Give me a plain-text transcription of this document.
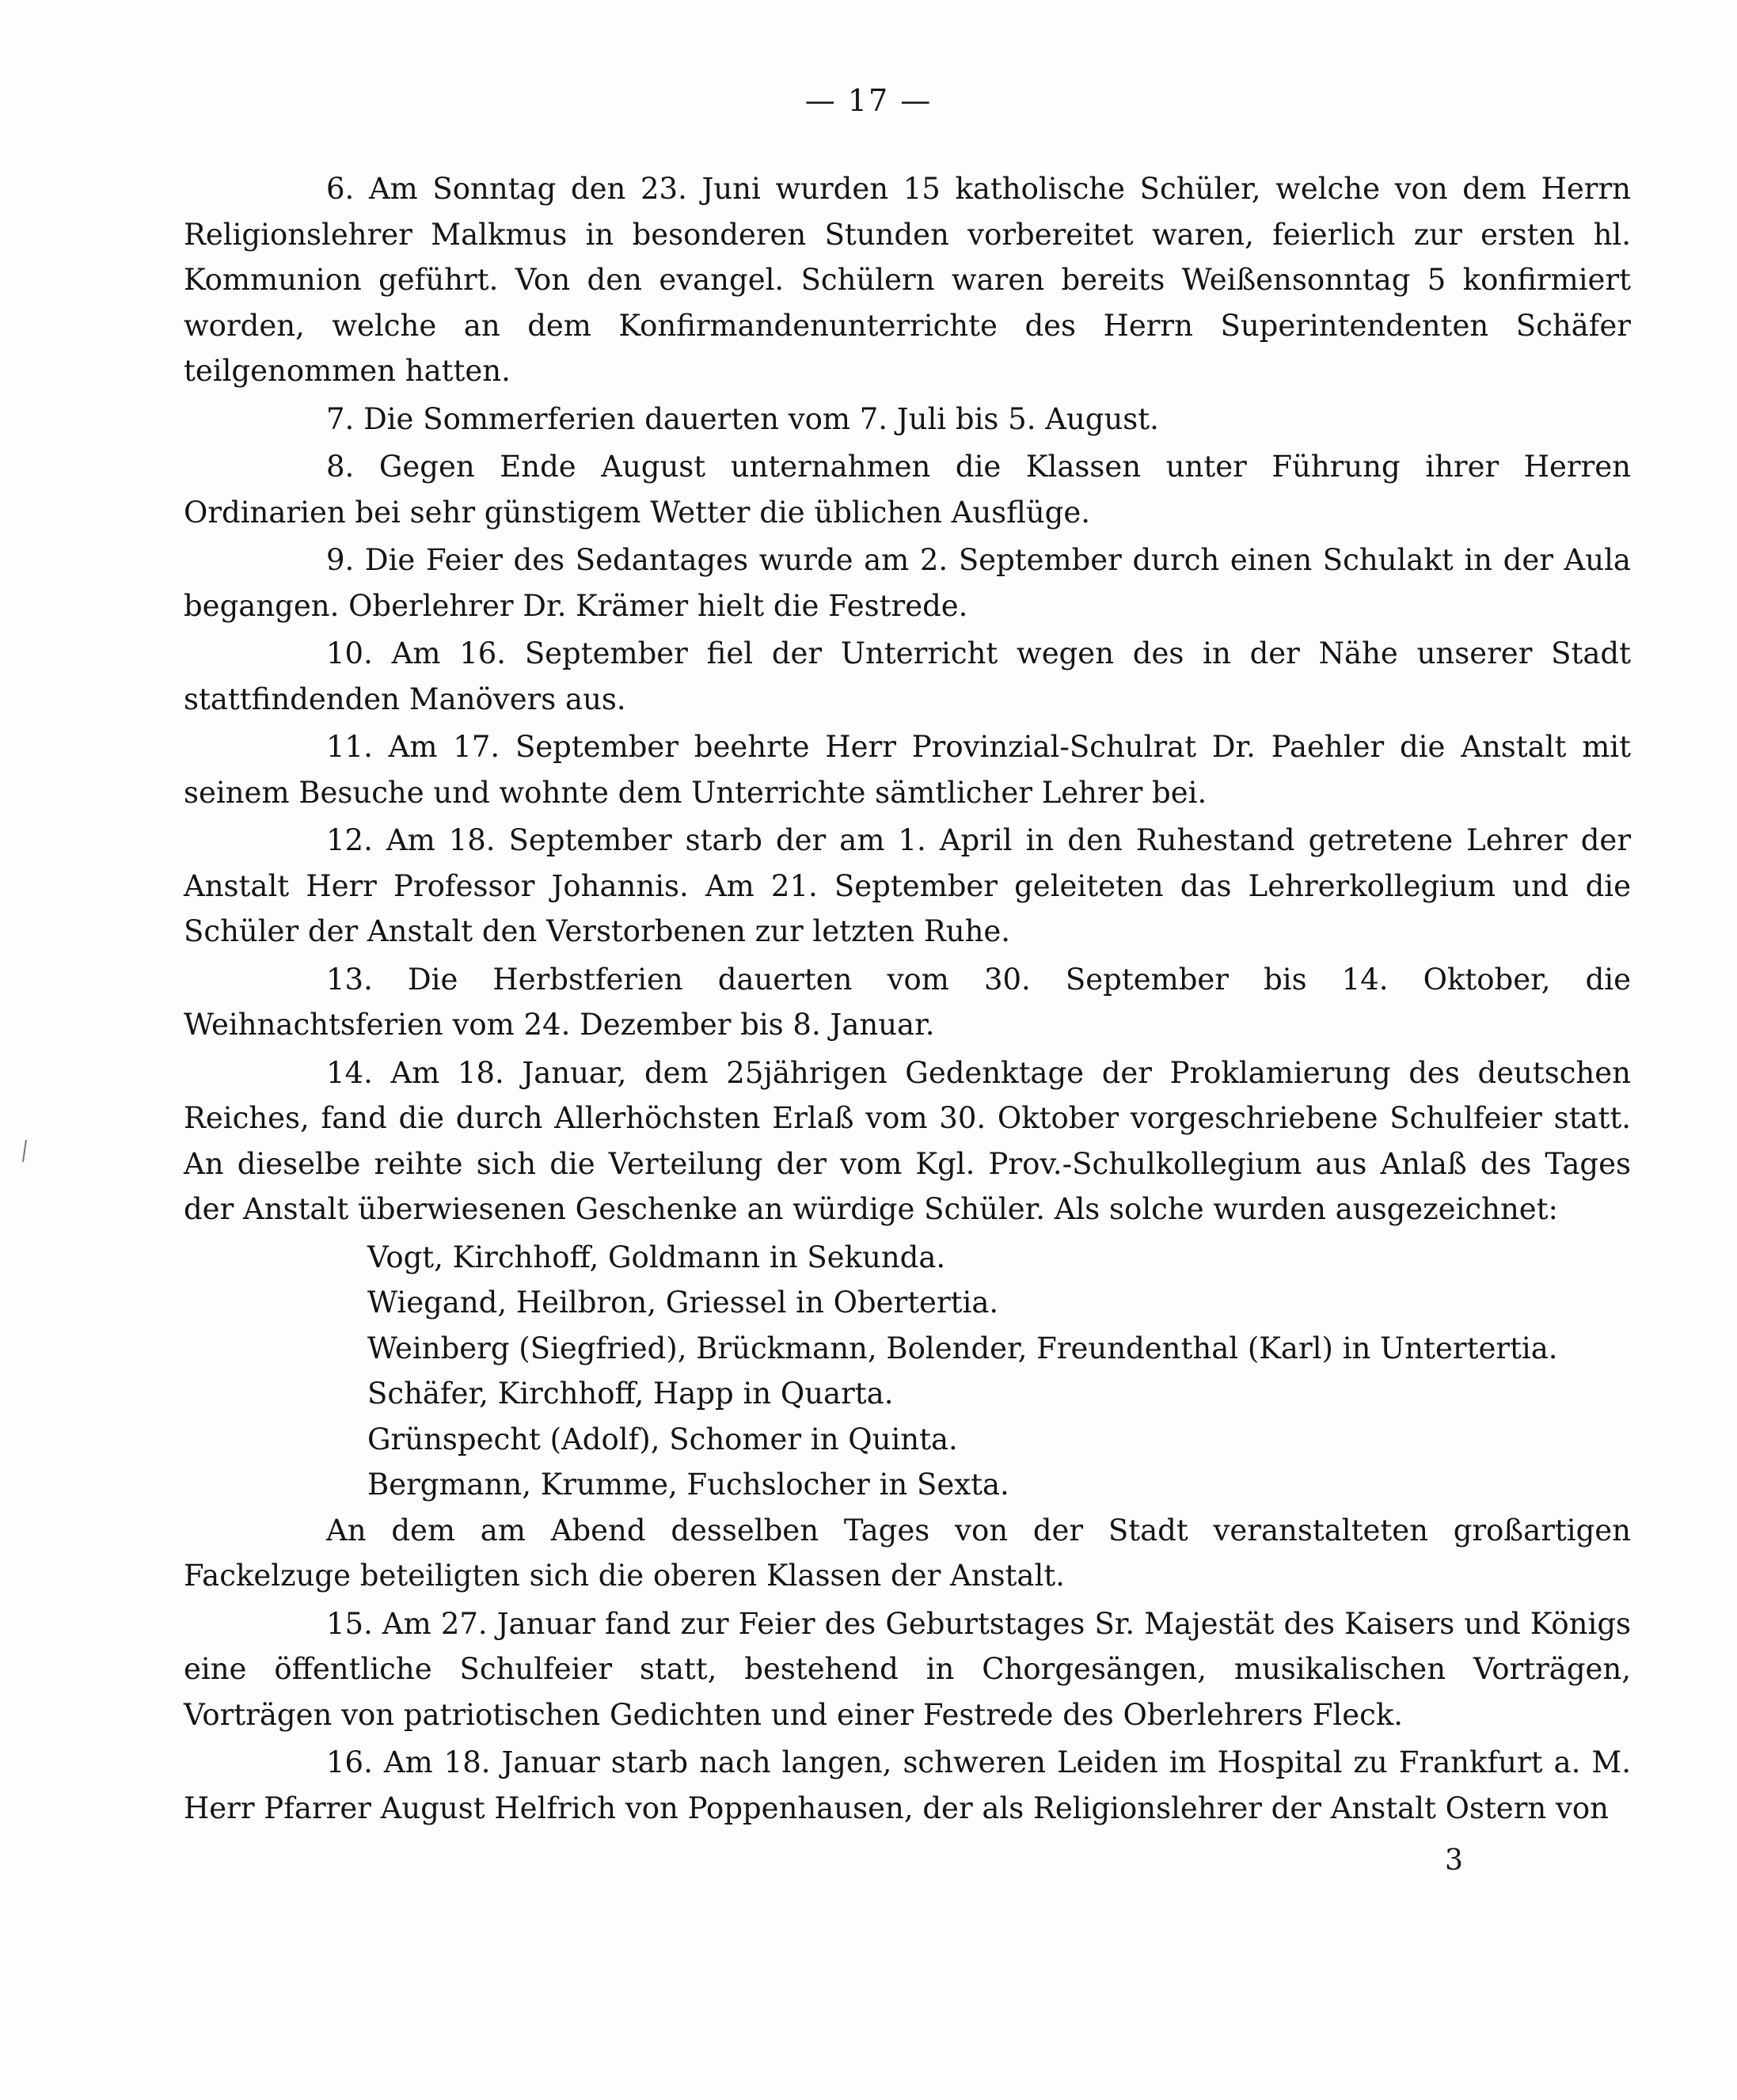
— 17 —

6. Am Sonntag den 23. Juni wurden 15 katholische Schüler, welche von dem Herrn Religionslehrer Malkmus in besonderen Stunden vorbereitet waren, feierlich zur ersten hl. Kommunion geführt. Von den evangel. Schülern waren bereits Weißensonntag 5 konfirmiert worden, welche an dem Konfirmandenunterrichte des Herrn Superintendenten Schäfer teilgenommen hatten.

7. Die Sommerferien dauerten vom 7. Juli bis 5. August.

8. Gegen Ende August unternahmen die Klassen unter Führung ihrer Herren Ordinarien bei sehr günstigem Wetter die üblichen Ausflüge.

9. Die Feier des Sedantages wurde am 2. September durch einen Schulakt in der Aula begangen. Oberlehrer Dr. Krämer hielt die Festrede.

10. Am 16. September fiel der Unterricht wegen des in der Nähe unserer Stadt stattfindenden Manövers aus.

11. Am 17. September beehrte Herr Provinzial-Schulrat Dr. Paehler die Anstalt mit seinem Besuche und wohnte dem Unterrichte sämtlicher Lehrer bei.

12. Am 18. September starb der am 1. April in den Ruhestand getretene Lehrer der Anstalt Herr Professor Johannis. Am 21. September geleiteten das Lehrerkollegium und die Schüler der Anstalt den Verstorbenen zur letzten Ruhe.

13. Die Herbstferien dauerten vom 30. September bis 14. Oktober, die Weihnachtsferien vom 24. Dezember bis 8. Januar.

14. Am 18. Januar, dem 25jährigen Gedenktage der Proklamierung des deutschen Reiches, fand die durch Allerhöchsten Erlaß vom 30. Oktober vorgeschriebene Schulfeier statt. An dieselbe reihte sich die Verteilung der vom Kgl. Prov.-Schulkollegium aus Anlaß des Tages der Anstalt überwiesenen Geschenke an würdige Schüler. Als solche wurden ausgezeichnet:

Vogt, Kirchhoff, Goldmann in Sekunda.

Wiegand, Heilbron, Griessel in Obertertia.

Weinberg (Siegfried), Brückmann, Bolender, Freundenthal (Karl) in Untertertia.

Schäfer, Kirchhoff, Happ in Quarta.

Grünspecht (Adolf), Schomer in Quinta.

Bergmann, Krumme, Fuchslocher in Sexta.

An dem am Abend desselben Tages von der Stadt veranstalteten großartigen Fackelzuge beteiligten sich die oberen Klassen der Anstalt.

15. Am 27. Januar fand zur Feier des Geburtstages Sr. Majestät des Kaisers und Königs eine öffentliche Schulfeier statt, bestehend in Chorgesängen, musikalischen Vorträgen, Vorträgen von patriotischen Gedichten und einer Festrede des Oberlehrers Fleck.

16. Am 18. Januar starb nach langen, schweren Leiden im Hospital zu Frankfurt a. M. Herr Pfarrer August Helfrich von Poppenhausen, der als Religionslehrer der Anstalt Ostern von

3
